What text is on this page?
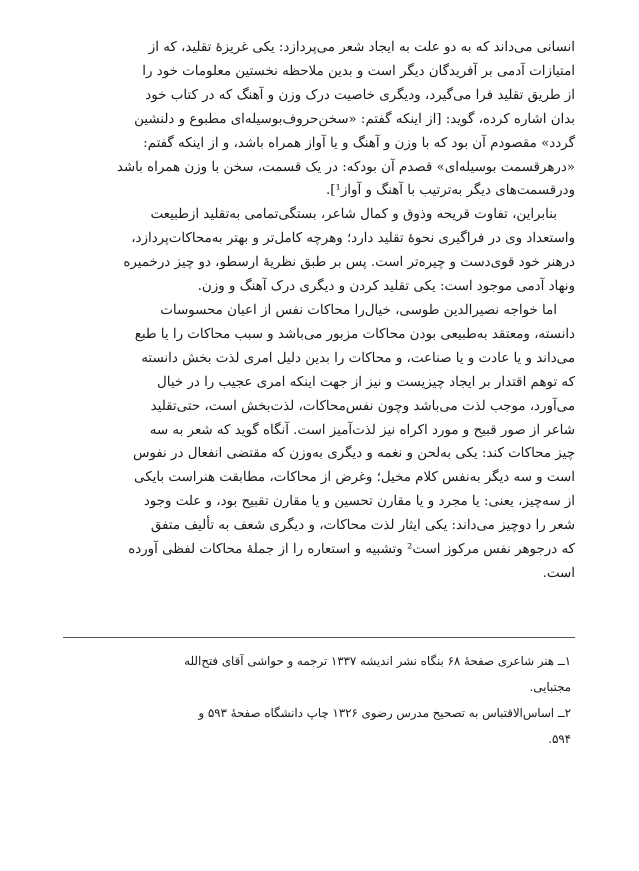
انسانی می‌داند که به دو علت به ایجاد شعر می‌پردازد: یکی غریزهٔ تقلید، که از

امتیازات آدمی بر آفریدگان دیگر است و بدین ملاحظه نخستین معلومات خود را

از طریق تقلید فرا می‌گیرد، ودیگری خاصیت درک وزن و آهنگ که در کتاب خود

بدان اشاره کرده، گوید: [از اینکه گفتم: «سخن‌حروف‌بوسیله‌ای مطبوع و دلنشین

گردد» مقصودم آن بود که با وزن و آهنگ و یا آواز همراه باشد، و از اینکه گفتم:

«درهرقسمت بوسیله‌ای» قصدم آن بودکه: در یک قسمت، سخن با وزن همراه باشد

ودرقسمت‌های دیگر به‌ترتیب با آهنگ و آواز¹].

بنابراین، تفاوت قریحه وذوق و کمال شاعر، بستگی‌تمامی به‌تقلید ازطبیعت

واستعداد وی در فراگیری نحوهٔ تقلید دارد؛ وهرچه کامل‌تر و بهتر به‌محاکات‌پردازد،

درهنر خود قوی‌دست و چیره‌تر است. پس بر طبق نظریهٔ ارسطو، دو چیز درخمیره

ونهاد آدمی موجود است: یکی تقلید کردن و دیگری درک آهنگ و وزن.

اما خواجه نصیرالدین طوسی، خیال‌را محاکات نفس از اعیان محسوسات

دانسته، ومعتقد به‌طبیعی بودن محاکات مزبور می‌باشد و سبب محاکات را یا طبع

می‌داند و یا عادت و یا صناعت، و محاکات را بدین دلیل امری لذت بخش دانسته

که توهم اقتدار بر ایجاد چیزیست و نیز از جهت اینکه امری عجیب را در خیال

می‌آورد، موجب لذت می‌باشد وچون نفس‌محاکات، لذت‌بخش است، حتی‌تقلید

شاعر از صور قبیح و مورد اکراه نیز لذت‌آمیز است. آنگاه گوید که شعر به سه

چیز محاکات کند: یکی به‌لحن و نغمه و دیگری به‌وزن که مقتضی انفعال در نفوس

است و سه دیگر به‌نفس کلام مخیل؛ وغرض از محاکات، مطابقت هنراست بایکی

از سه‌چیز، یعنی: یا مجرد و یا مقارن تحسین و یا مقارن تقبیح بود، و علت وجود

شعر را دوچیز می‌داند: یکی ایثار لذت محاکات، و دیگری شعف به تألیف متفق

که درجوهر نفس مرکوز است² وتشبیه و استعاره را از جملهٔ محاکات لفظی آورده

است.

۱ــ هنر شاعری صفحهٔ ۶۸ بنگاه نشر اندیشه ۱۳۳۷ ترجمه و حواشی آقای فتح‌الله

مجتبایی.

۲ــ اساس‌الاقتباس به تصحیح مدرس رضوی ۱۳۲۶ چاپ دانشگاه صفحهٔ ۵۹۳ و

۵۹۴.
